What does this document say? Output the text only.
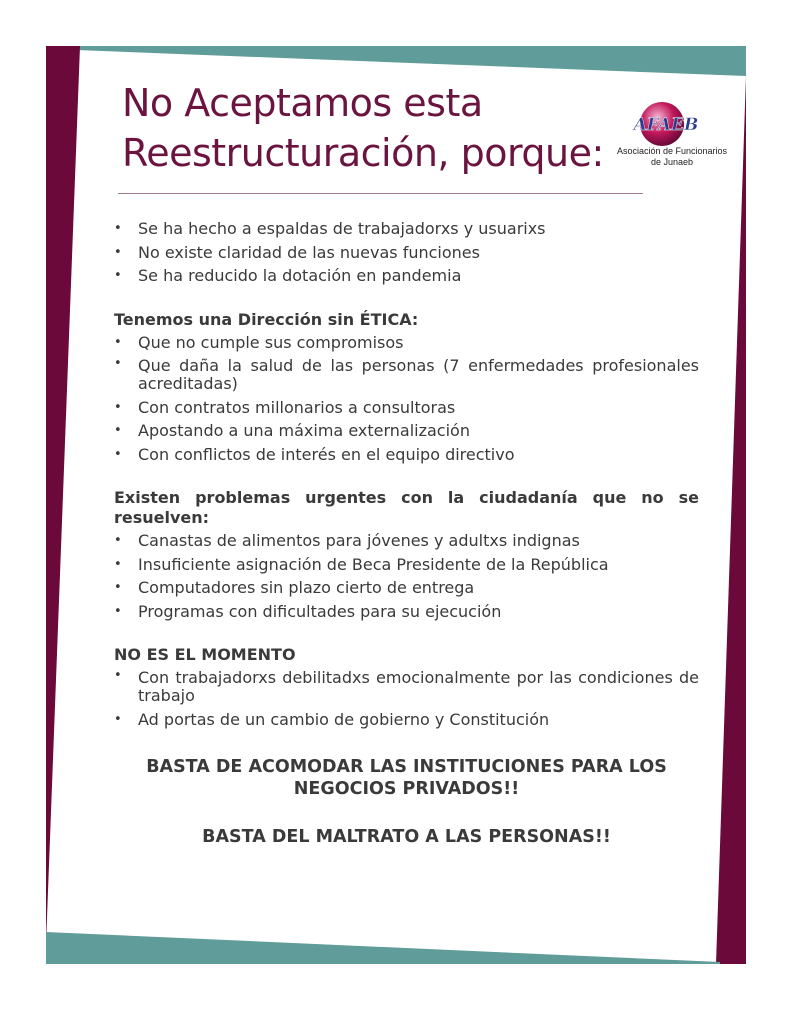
No Aceptamos esta
Reestructuración, porque:
AFAEB
Asociación de Funcionarios
de Junaeb
• Se ha hecho a espaldas de trabajadorxs y usuarixs
• No existe claridad de las nuevas funciones
• Se ha reducido la dotación en pandemia

Tenemos una Dirección sin ÉTICA:

• Que no cumple sus compromisos
• Que daña la salud de las personas (7 enfermedades profesionales acreditadas)
• Con contratos millonarios a consultoras
• Apostando a una máxima externalización
• Con conflictos de interés en el equipo directivo

Existen problemas urgentes con la ciudadanía que no se resuelven:

• Canastas de alimentos para jóvenes y adultxs indignas
• Insuficiente asignación de Beca Presidente de la República
• Computadores sin plazo cierto de entrega
• Programas con dificultades para su ejecución

NO ES EL MOMENTO

• Con trabajadorxs debilitadxs emocionalmente por las condiciones de trabajo
• Ad portas de un cambio de gobierno y Constitución

BASTA DE ACOMODAR LAS INSTITUCIONES PARA LOS
NEGOCIOS PRIVADOS!!

BASTA DEL MALTRATO A LAS PERSONAS!!
